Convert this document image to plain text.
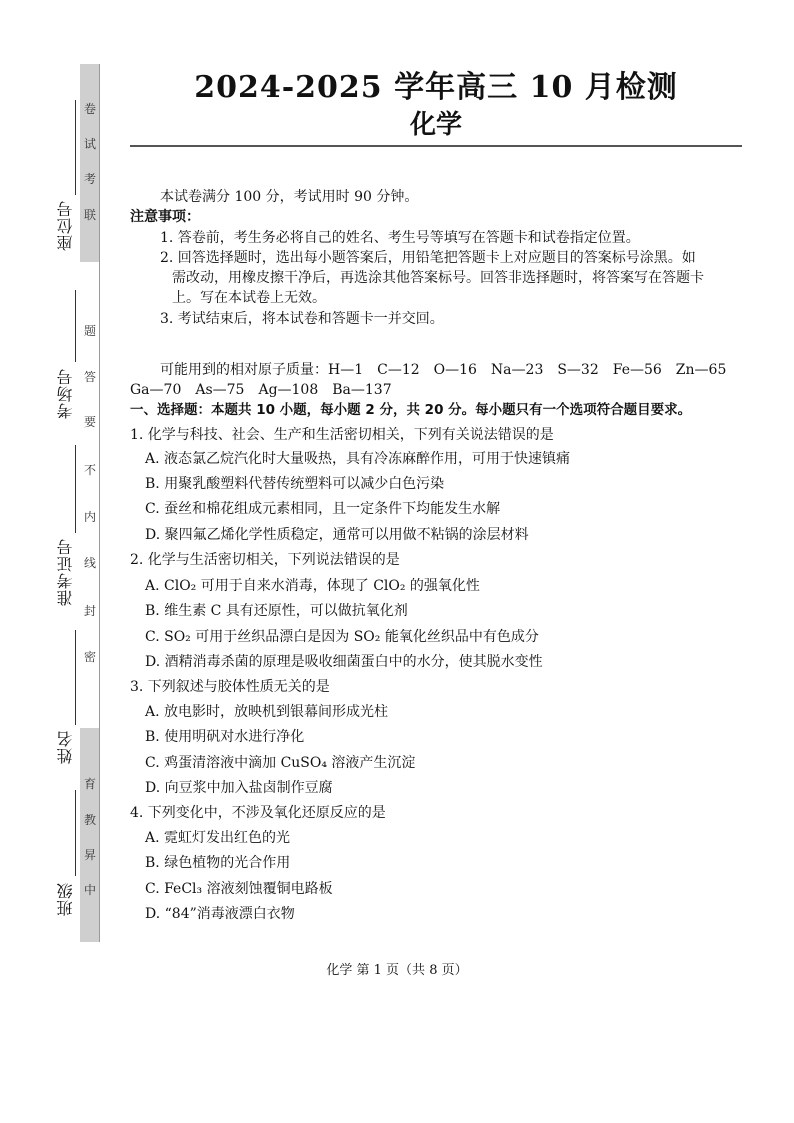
卷
试
考
联
题
答
要
不
内
线
封
密
育
教
昇
中
座位号
考场号
准考证号
姓名
班级
2024-2025 学年高三 10 月检测
化学
本试卷满分 100 分，考试用时 90 分钟。
注意事项：
1. 答卷前，考生务必将自己的姓名、考生号等填写在答题卡和试卷指定位置。
2. 回答选择题时，选出每小题答案后，用铅笔把答题卡上对应题目的答案标号涂黑。如
需改动，用橡皮擦干净后，再选涂其他答案标号。回答非选择题时，将答案写在答题卡
上。写在本试卷上无效。
3. 考试结束后，将本试卷和答题卡一并交回。
可能用到的相对原子质量：H—1　C—12　O—16　Na—23　S—32　Fe—56　Zn—65
Ga—70　As—75　Ag—108　Ba—137
一、选择题：本题共 10 小题，每小题 2 分，共 20 分。每小题只有一个选项符合题目要求。
1. 化学与科技、社会、生产和生活密切相关，下列有关说法错误的是
A. 液态氯乙烷汽化时大量吸热，具有冷冻麻醉作用，可用于快速镇痛
B. 用聚乳酸塑料代替传统塑料可以减少白色污染
C. 蚕丝和棉花组成元素相同，且一定条件下均能发生水解
D. 聚四氟乙烯化学性质稳定，通常可以用做不粘锅的涂层材料
2. 化学与生活密切相关，下列说法错误的是
A. ClO₂ 可用于自来水消毒，体现了 ClO₂ 的强氧化性
B. 维生素 C 具有还原性，可以做抗氧化剂
C. SO₂ 可用于丝织品漂白是因为 SO₂ 能氧化丝织品中有色成分
D. 酒精消毒杀菌的原理是吸收细菌蛋白中的水分，使其脱水变性
3. 下列叙述与胶体性质无关的是
A. 放电影时，放映机到银幕间形成光柱
B. 使用明矾对水进行净化
C. 鸡蛋清溶液中滴加 CuSO₄ 溶液产生沉淀
D. 向豆浆中加入盐卤制作豆腐
4. 下列变化中，不涉及氧化还原反应的是
A. 霓虹灯发出红色的光
B. 绿色植物的光合作用
C. FeCl₃ 溶液刻蚀覆铜电路板
D. “84”消毒液漂白衣物
化学 第 1 页（共 8 页）
